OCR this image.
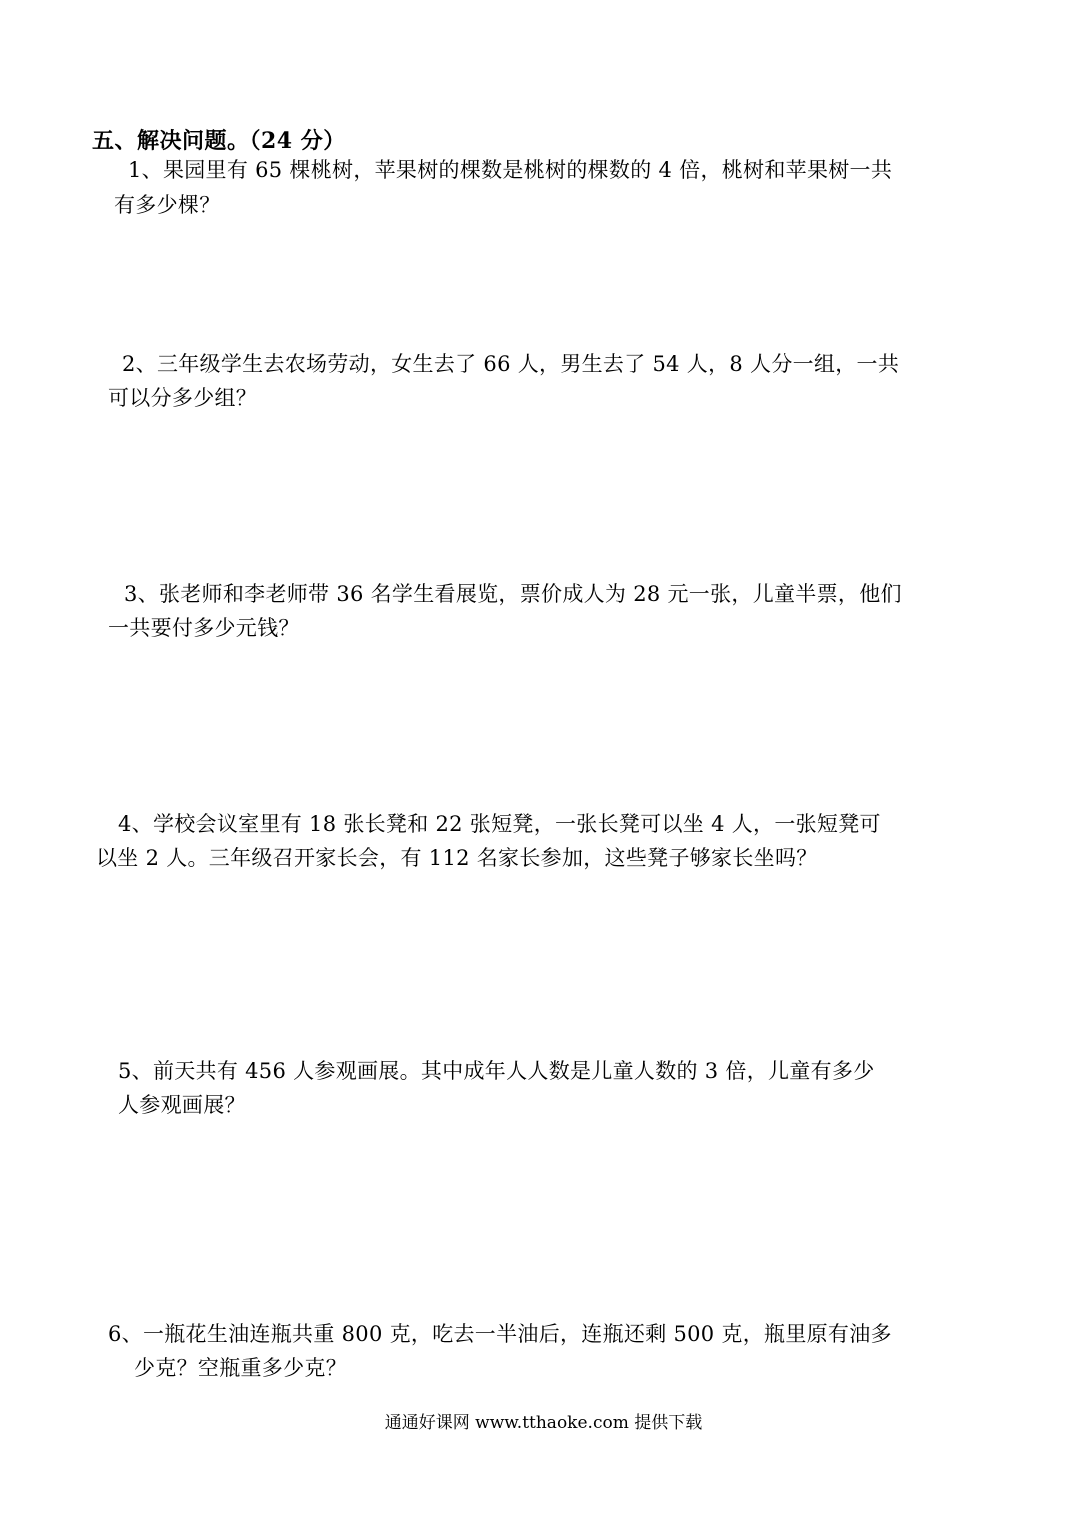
五、解决问题。（24 分）
1、果园里有 65 棵桃树，苹果树的棵数是桃树的棵数的 4 倍，桃树和苹果树一共
有多少棵？
2、三年级学生去农场劳动，女生去了 66 人，男生去了 54 人，8 人分一组，一共
可以分多少组？
3、张老师和李老师带 36 名学生看展览，票价成人为 28 元一张，儿童半票，他们
一共要付多少元钱？
4、学校会议室里有 18 张长凳和 22 张短凳，一张长凳可以坐 4 人，一张短凳可
以坐 2 人。三年级召开家长会，有 112 名家长参加，这些凳子够家长坐吗？
5、前天共有 456 人参观画展。其中成年人人数是儿童人数的 3 倍，儿童有多少
人参观画展？
6、一瓶花生油连瓶共重 800 克，吃去一半油后，连瓶还剩 500 克，瓶里原有油多
少克？空瓶重多少克？
通通好课网 www.tthaoke.com 提供下载
